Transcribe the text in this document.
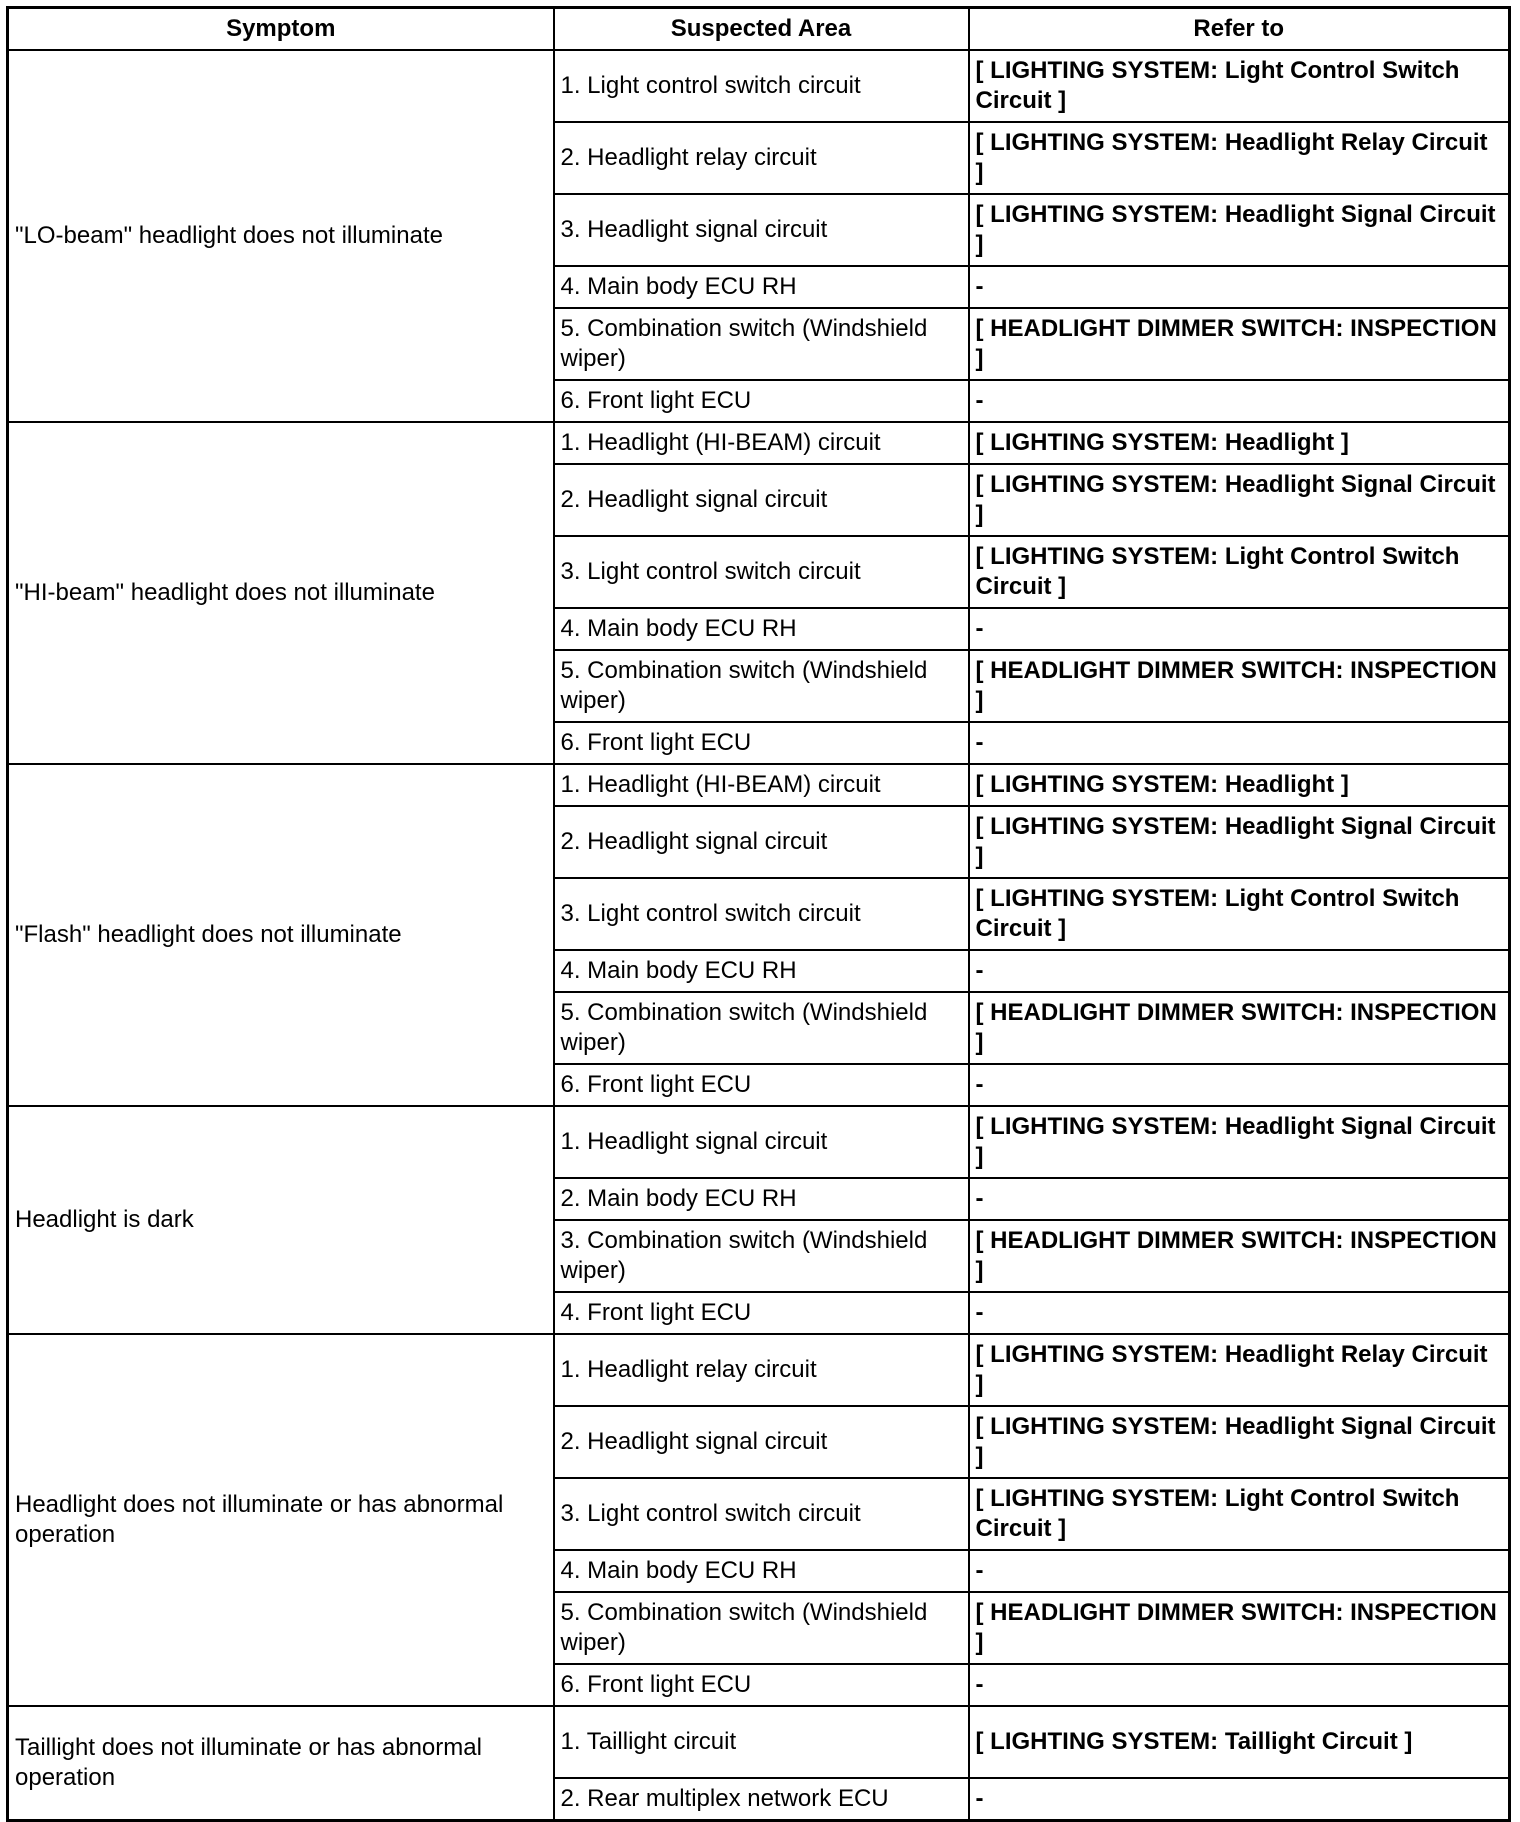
Symptom	Suspected Area	Refer to
"LO-beam" headlight does not illuminate	1. Light control switch circuit	[ LIGHTING SYSTEM: Light Control Switch Circuit ]
	2. Headlight relay circuit	[ LIGHTING SYSTEM: Headlight Relay Circuit ]
	3. Headlight signal circuit	[ LIGHTING SYSTEM: Headlight Signal Circuit ]
	4. Main body ECU RH	-
	5. Combination switch (Windshield wiper)	[ HEADLIGHT DIMMER SWITCH: INSPECTION ]
	6. Front light ECU	-
"HI-beam" headlight does not illuminate	1. Headlight (HI-BEAM) circuit	[ LIGHTING SYSTEM: Headlight ]
	2. Headlight signal circuit	[ LIGHTING SYSTEM: Headlight Signal Circuit ]
	3. Light control switch circuit	[ LIGHTING SYSTEM: Light Control Switch Circuit ]
	4. Main body ECU RH	-
	5. Combination switch (Windshield wiper)	[ HEADLIGHT DIMMER SWITCH: INSPECTION ]
	6. Front light ECU	-
"Flash" headlight does not illuminate	1. Headlight (HI-BEAM) circuit	[ LIGHTING SYSTEM: Headlight ]
	2. Headlight signal circuit	[ LIGHTING SYSTEM: Headlight Signal Circuit ]
	3. Light control switch circuit	[ LIGHTING SYSTEM: Light Control Switch Circuit ]
	4. Main body ECU RH	-
	5. Combination switch (Windshield wiper)	[ HEADLIGHT DIMMER SWITCH: INSPECTION ]
	6. Front light ECU	-
Headlight is dark	1. Headlight signal circuit	[ LIGHTING SYSTEM: Headlight Signal Circuit ]
	2. Main body ECU RH	-
	3. Combination switch (Windshield wiper)	[ HEADLIGHT DIMMER SWITCH: INSPECTION ]
	4. Front light ECU	-
Headlight does not illuminate or has abnormal operation	1. Headlight relay circuit	[ LIGHTING SYSTEM: Headlight Relay Circuit ]
	2. Headlight signal circuit	[ LIGHTING SYSTEM: Headlight Signal Circuit ]
	3. Light control switch circuit	[ LIGHTING SYSTEM: Light Control Switch Circuit ]
	4. Main body ECU RH	-
	5. Combination switch (Windshield wiper)	[ HEADLIGHT DIMMER SWITCH: INSPECTION ]
	6. Front light ECU	-
Taillight does not illuminate or has abnormal operation	1. Taillight circuit	[ LIGHTING SYSTEM: Taillight Circuit ]
	2. Rear multiplex network ECU	-
